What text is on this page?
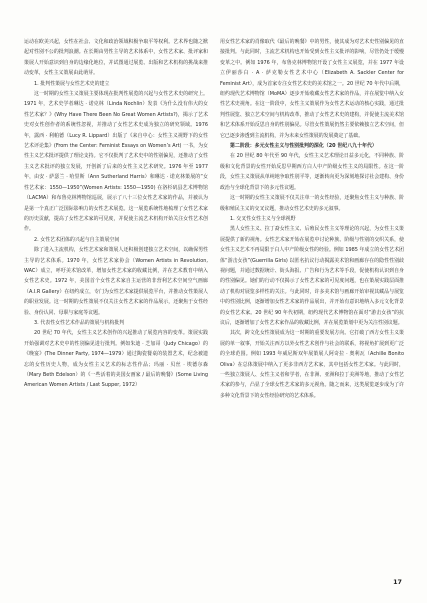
运动在欧美兴起，女性在社会、文化和政治领域积极争取平等权利。艺术界也随之掀起对性别不公的批判浪潮。在长期由男性主导的艺术体系中，女性艺术家、批评家和策展人开始意识到自身的边缘化地位，并试图通过展览、出版和艺术机构的挑战来推动变革，女性主义策展由此萌芽。

1. 批判性策展与女性艺术史的建立

这一时期的女性主义策展主要体现在批判性展览的兴起与女性艺术史的研究上。1971 年，艺术史学者琳达 · 诺克林（Linda Nochlin）发表《为什么没有伟大的女性艺术家？》(Why Have There Been No Great Women Artists?)，揭示了艺术史对女性创作者的系统性忽视，并推动了女性艺术史成为独立的研究领域。1976 年，露西 · 利帕德（Lucy R. Lippard）出版了《来自中心：女性主义视野下的女性艺术评论集》(From the Center: Feminist Essays on Women’s Art) 一书，为女性主义艺术批评提供了理论支持。它不仅批判了艺术史中的性别偏见，还推动了女性主义艺术批评的独立发展，开创新了后来的女性主义艺术研究。1976 年至 1977 年，由安 · 萨瑟兰 · 哈里斯（Ann Sutherland Harris）和琳达 · 诺克林策展的“女性艺术家：1550—1950”(Women Artists: 1550—1950) 在洛杉矶县艺术博物馆（LACMA）和布鲁克林博物馆巡展，展示了八十三位女性艺术家的作品，并被认为是第一个真正广泛国际影响力的女性艺术展览。这一展览系统性地梳理了女性艺术家的历史贡献，提高了女性艺术家的可见度，并促使主流艺术机构开始关注女性艺术创作。

2. 女性艺术团体的兴起与自主策展空间

除了进入主流机构，女性艺术家和策展人还积极创建独立艺术空间，以确保男性主导的艺术体系。1970 年，女性艺术家协会（Women Artists in Revolution, WAC）成立，呼吁美术馆改革，增加女性艺术家的收藏比例，并在艺术教育中纳入女性艺术史。1972 年，美国首个女性艺术家自主运营的非营利艺术空间空气画廊（A.I.R Gallery）在纽约成立，专门为女性艺术家提供展览平台，并推动女性策展人的职业发展。这一时期的女性策展不仅关注女性艺术家的作品展示，还聚焦于女性经验、身份认同、母职与家庭等议题。

3. 代表性女性艺术作品的策展与机构批判

20 世纪 70 年代，女性主义艺术创作的兴起推动了展览内容的变革。策展实践开始强调对艺术史中的性别偏见进行批判。例如朱迪 · 芝加哥（Judy Chicago）的《晚宴》(The Dinner Party, 1974—1979）通过陶瓷餐桌的装置艺术，纪念被遗忘的女性历史人物，成为女性主义艺术的标志性作品；玛丽 · 贝丝 · 埃德尔森（Mary Beth Edelson）的《一些活着的美国女画家 / 最后的晚餐》(Some Living American Women Artists / Last Supper, 1972）

用女性艺术家的肖像取代《最后的晚餐》中的男性，使其成为对艺术史性别偏见的直接批判。与此同时，主流艺术机构也开始受到女性主义批评的影响，尽管仍处于缓慢变革之中。例如 1976 年，布鲁克林博物馆开设了女性主义展览，并在 1977 年设立伊丽莎白 · A · 萨克勒女性艺术中心（Elizabeth A. Sackler Center for Feminist Art），成为首家专注女性艺术史的美术馆之一。20 世纪 70 年代中后期，纽约现代艺术博物馆（MoMA）逐步开始收藏女性艺术家的作品，并在展览中纳入女性艺术史视角。在这一阶段中，女性主义策展作为女性艺术运动的核心实践，通过批判性展览、独立艺术空间与机构改革，推动了女性艺术史的建构，并促使主流美术馆和艺术体系开始反思自身的性别偏见。尽管女性策展仍然主要依赖独立艺术空间，但它已逐步渗透到主流机构，并为未来女性策展的发展奠定了基础。

第二阶段：多元女性主义与性别批判的深化（20 世纪八九十年代）

在 20 世纪 80 年代至 90 年代，女性主义艺术理论日益多元化，不同种族、阶级和文化背景的女性开始反思早期西方白人中产阶级女性主义的局限性。在这一阶段，女性主义策展从单纯地争取性别平等，逐渐转向更为深刻地探讨社会建构、身份政治与全球化背景下的多元性议题。

这一时期的女性主义策展不仅关注单一的女性经验，还聚焦女性主义与种族、阶级和殖民主义的交叉议题，推动女性艺术史的多元叙事。

1. 交叉性女性主义与全球视野

黑人女性主义、拉丁裔女性主义、后殖民女性主义等理论的兴起，为女性主义策展提供了新的视角。女性艺术家开始在展览中讨论种族、阶级与性别的交织关系，使女性主义艺术不再局限于白人中产阶级女性的经验。例如 1985 年成立的女性艺术团体“游击女孩”(Guerrilla Girls) 以匿名抗议行动揭露美术馆和画廊存在的隐性性别歧视问题，并通过数据统计、街头海报、广告和行为艺术等手段，促使机构认识到自身的性别偏见。她们的行动不仅揭示了女性艺术家的可见度问题，也在策展实践层面推动了机构对展览多样性的关注。与此同时，许多美术馆与画廊开始审视其藏品与展览中的性别比例，逐渐增加女性艺术家的作品展出，并开始有意识地纳入多元文化背景的女性艺术家。20 世纪 90 年代初期，纽约现代艺术博物馆在面对“游击女孩”的抗议后，逐渐增加了女性艺术家作品的收藏比例，并在展览策划中更为关注性别议题。

其次，跨文化女性策展成为这一时期的重要发展方向。它打破了西方女性主义策展的单一叙事，开始关注西方以外女性艺术创作与社会的联系，将视角扩展到更广泛的全球范围。例如 1993 年威尼斯双年展策展人阿奇拉 · 奥利瓦（Achille Bonito Oliva）在总体策展中纳入了更多非西方艺术家，其中包括女性艺术家。与此同时，一些独立策展人、女性主义者和学者，在非洲、亚洲和拉丁美洲等地，推动了女性艺术家的参与，凸显了全球女性艺术家的多元视角。随之而来，这类展览逐步成为了许多种文化背景下的女性经验研究的艺术体系。

17
